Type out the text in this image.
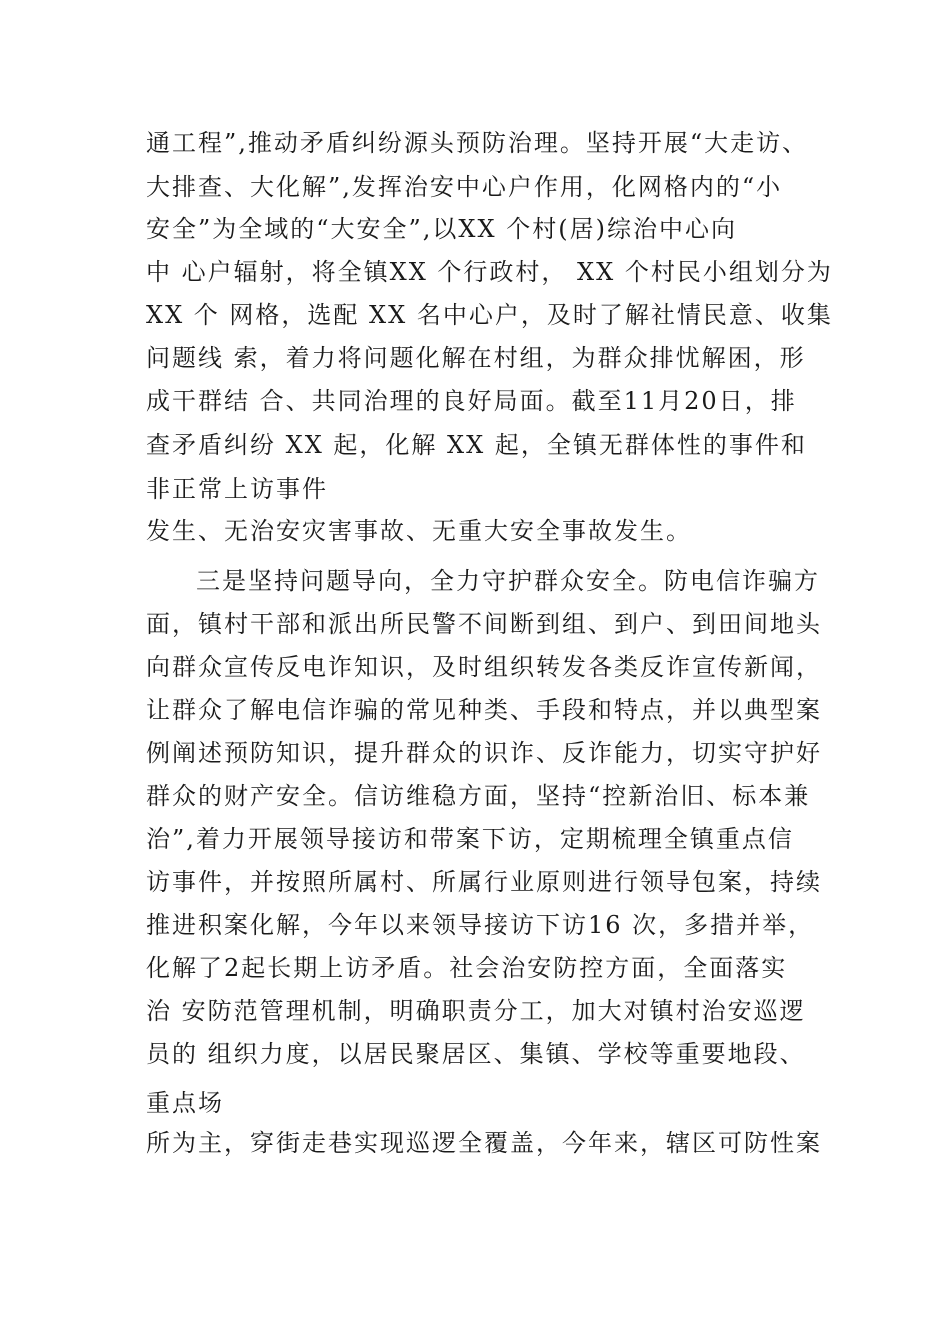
通工程”,推动矛盾纠纷源头预防治理。坚持开展“大走访、
大排查、大化解”,发挥治安中心户作用，化网格内的“小
安全”为全域的“大安全”,以XX 个村(居)综治中心向
中 心户辐射，将全镇XX 个行政村， XX 个村民小组划分为
XX 个 网格，选配 XX 名中心户，及时了解社情民意、收集
问题线 索，着力将问题化解在村组，为群众排忧解困，形
成干群结 合、共同治理的良好局面。截至11月20日，排
查矛盾纠纷 XX 起，化解 XX 起，全镇无群体性的事件和
非正常上访事件
发生、无治安灾害事故、无重大安全事故发生。
三是坚持问题导向，全力守护群众安全。防电信诈骗方
面，镇村干部和派出所民警不间断到组、到户、到田间地头
向群众宣传反电诈知识，及时组织转发各类反诈宣传新闻，
让群众了解电信诈骗的常见种类、手段和特点，并以典型案
例阐述预防知识，提升群众的识诈、反诈能力，切实守护好
群众的财产安全。信访维稳方面，坚持“控新治旧、标本兼
治”,着力开展领导接访和带案下访，定期梳理全镇重点信
访事件，并按照所属村、所属行业原则进行领导包案，持续
推进积案化解，今年以来领导接访下访16 次，多措并举，
化解了2起长期上访矛盾。社会治安防控方面，全面落实
治 安防范管理机制，明确职责分工，加大对镇村治安巡逻
员的 组织力度，以居民聚居区、集镇、学校等重要地段、
重点场
所为主，穿街走巷实现巡逻全覆盖，今年来，辖区可防性案
